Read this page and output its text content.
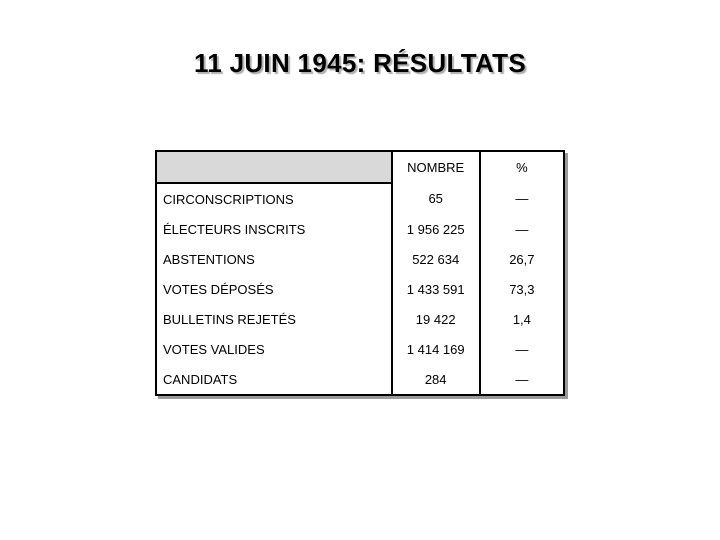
11 JUIN 1945: RÉSULTATS
	NOMBRE	%
CIRCONSCRIPTIONS	65	—
ÉLECTEURS INSCRITS	1 956 225	—
ABSTENTIONS	522 634	26,7
VOTES DÉPOSÉS	1 433 591	73,3
BULLETINS REJETÉS	19 422	1,4
VOTES VALIDES	1 414 169	—
CANDIDATS	284	—
